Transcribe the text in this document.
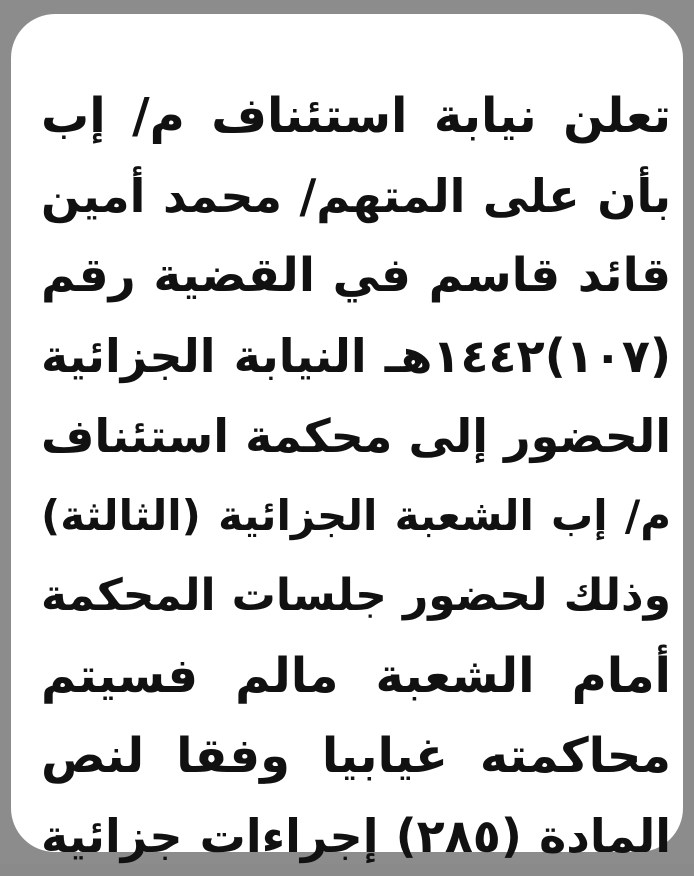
تعلن نيابة استئناف م/ إب
بأن على المتهم/ محمد أمين
قائد قاسم في القضية رقم
(١٠٧)١٤٤٢هـ النيابة الجزائية
الحضور إلى محكمة استئناف
م/ إب الشعبة الجزائية (الثالثة)
وذلك لحضور جلسات المحكمة
أمام الشعبة مالم فسيتم
محاكمته غيابيا وفقا لنص
المادة (٢٨٥) إجراءات جزائية
